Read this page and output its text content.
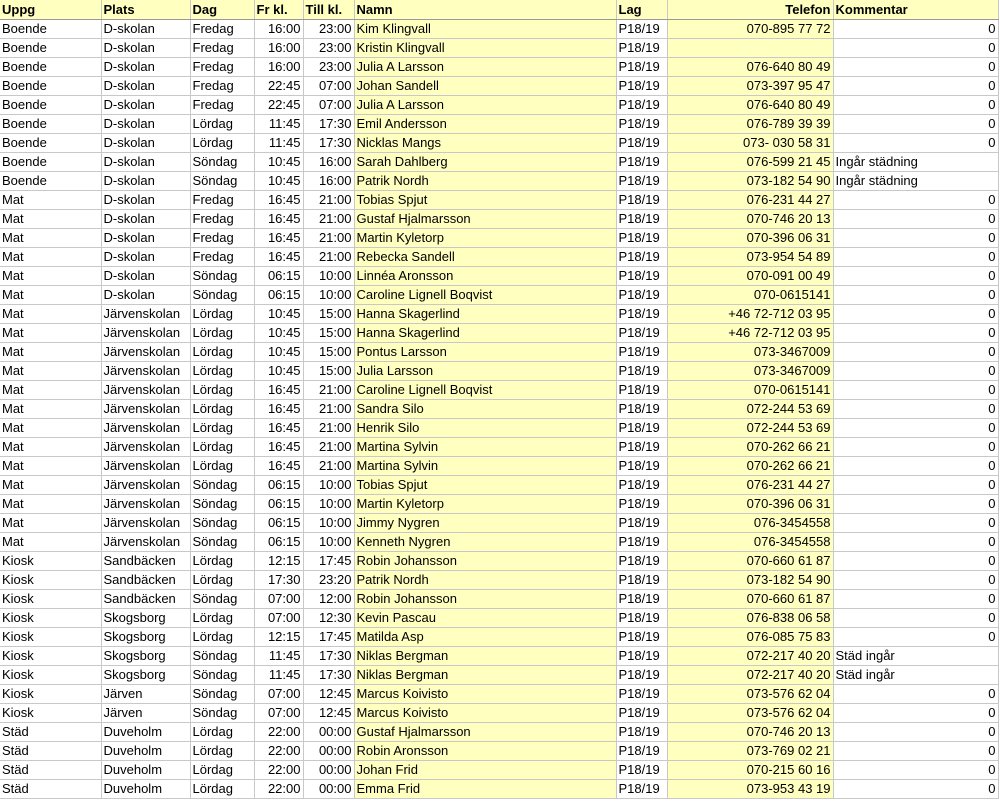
Uppg	Plats	Dag	Fr kl.	Till kl.	Namn	Lag	Telefon	Kommentar
Boende	D-skolan	Fredag	16:00	23:00	Kim Klingvall	P18/19	070-895 77 72	0
Boende	D-skolan	Fredag	16:00	23:00	Kristin Klingvall	P18/19		0
Boende	D-skolan	Fredag	16:00	23:00	Julia A Larsson	P18/19	076-640 80 49	0
Boende	D-skolan	Fredag	22:45	07:00	Johan Sandell	P18/19	073-397 95 47	0
Boende	D-skolan	Fredag	22:45	07:00	Julia A Larsson	P18/19	076-640 80 49	0
Boende	D-skolan	Lördag	11:45	17:30	Emil Andersson	P18/19	076-789 39 39	0
Boende	D-skolan	Lördag	11:45	17:30	Nicklas Mangs	P18/19	073- 030 58 31	0
Boende	D-skolan	Söndag	10:45	16:00	Sarah Dahlberg	P18/19	076-599 21 45	Ingår städning
Boende	D-skolan	Söndag	10:45	16:00	Patrik Nordh	P18/19	073-182 54 90	Ingår städning
Mat	D-skolan	Fredag	16:45	21:00	Tobias Spjut	P18/19	076-231 44 27	0
Mat	D-skolan	Fredag	16:45	21:00	Gustaf Hjalmarsson	P18/19	070-746 20 13	0
Mat	D-skolan	Fredag	16:45	21:00	Martin Kyletorp	P18/19	070-396 06 31	0
Mat	D-skolan	Fredag	16:45	21:00	Rebecka Sandell	P18/19	073-954 54 89	0
Mat	D-skolan	Söndag	06:15	10:00	Linnéa Aronsson	P18/19	070-091 00 49	0
Mat	D-skolan	Söndag	06:15	10:00	Caroline Lignell Boqvist	P18/19	070-0615141	0
Mat	Järvenskolan	Lördag	10:45	15:00	Hanna Skagerlind	P18/19	+46 72-712 03 95	0
Mat	Järvenskolan	Lördag	10:45	15:00	Hanna Skagerlind	P18/19	+46 72-712 03 95	0
Mat	Järvenskolan	Lördag	10:45	15:00	Pontus Larsson	P18/19	073-3467009	0
Mat	Järvenskolan	Lördag	10:45	15:00	Julia Larsson	P18/19	073-3467009	0
Mat	Järvenskolan	Lördag	16:45	21:00	Caroline Lignell Boqvist	P18/19	070-0615141	0
Mat	Järvenskolan	Lördag	16:45	21:00	Sandra Silo	P18/19	072-244 53 69	0
Mat	Järvenskolan	Lördag	16:45	21:00	Henrik Silo	P18/19	072-244 53 69	0
Mat	Järvenskolan	Lördag	16:45	21:00	Martina Sylvin	P18/19	070-262 66 21	0
Mat	Järvenskolan	Lördag	16:45	21:00	Martina Sylvin	P18/19	070-262 66 21	0
Mat	Järvenskolan	Söndag	06:15	10:00	Tobias Spjut	P18/19	076-231 44 27	0
Mat	Järvenskolan	Söndag	06:15	10:00	Martin Kyletorp	P18/19	070-396 06 31	0
Mat	Järvenskolan	Söndag	06:15	10:00	Jimmy Nygren	P18/19	076-3454558	0
Mat	Järvenskolan	Söndag	06:15	10:00	Kenneth Nygren	P18/19	076-3454558	0
Kiosk	Sandbäcken	Lördag	12:15	17:45	Robin Johansson	P18/19	070-660 61 87	0
Kiosk	Sandbäcken	Lördag	17:30	23:20	Patrik Nordh	P18/19	073-182 54 90	0
Kiosk	Sandbäcken	Söndag	07:00	12:00	Robin Johansson	P18/19	070-660 61 87	0
Kiosk	Skogsborg	Lördag	07:00	12:30	Kevin Pascau	P18/19	076-838 06 58	0
Kiosk	Skogsborg	Lördag	12:15	17:45	Matilda Asp	P18/19	076-085 75 83	0
Kiosk	Skogsborg	Söndag	11:45	17:30	Niklas Bergman	P18/19	072-217 40 20	Städ ingår
Kiosk	Skogsborg	Söndag	11:45	17:30	Niklas Bergman	P18/19	072-217 40 20	Städ ingår
Kiosk	Järven	Söndag	07:00	12:45	Marcus Koivisto	P18/19	073-576 62 04	0
Kiosk	Järven	Söndag	07:00	12:45	Marcus Koivisto	P18/19	073-576 62 04	0
Städ	Duveholm	Lördag	22:00	00:00	Gustaf Hjalmarsson	P18/19	070-746 20 13	0
Städ	Duveholm	Lördag	22:00	00:00	Robin Aronsson	P18/19	073-769 02 21	0
Städ	Duveholm	Lördag	22:00	00:00	Johan Frid	P18/19	070-215 60 16	0
Städ	Duveholm	Lördag	22:00	00:00	Emma Frid	P18/19	073-953 43 19	0
